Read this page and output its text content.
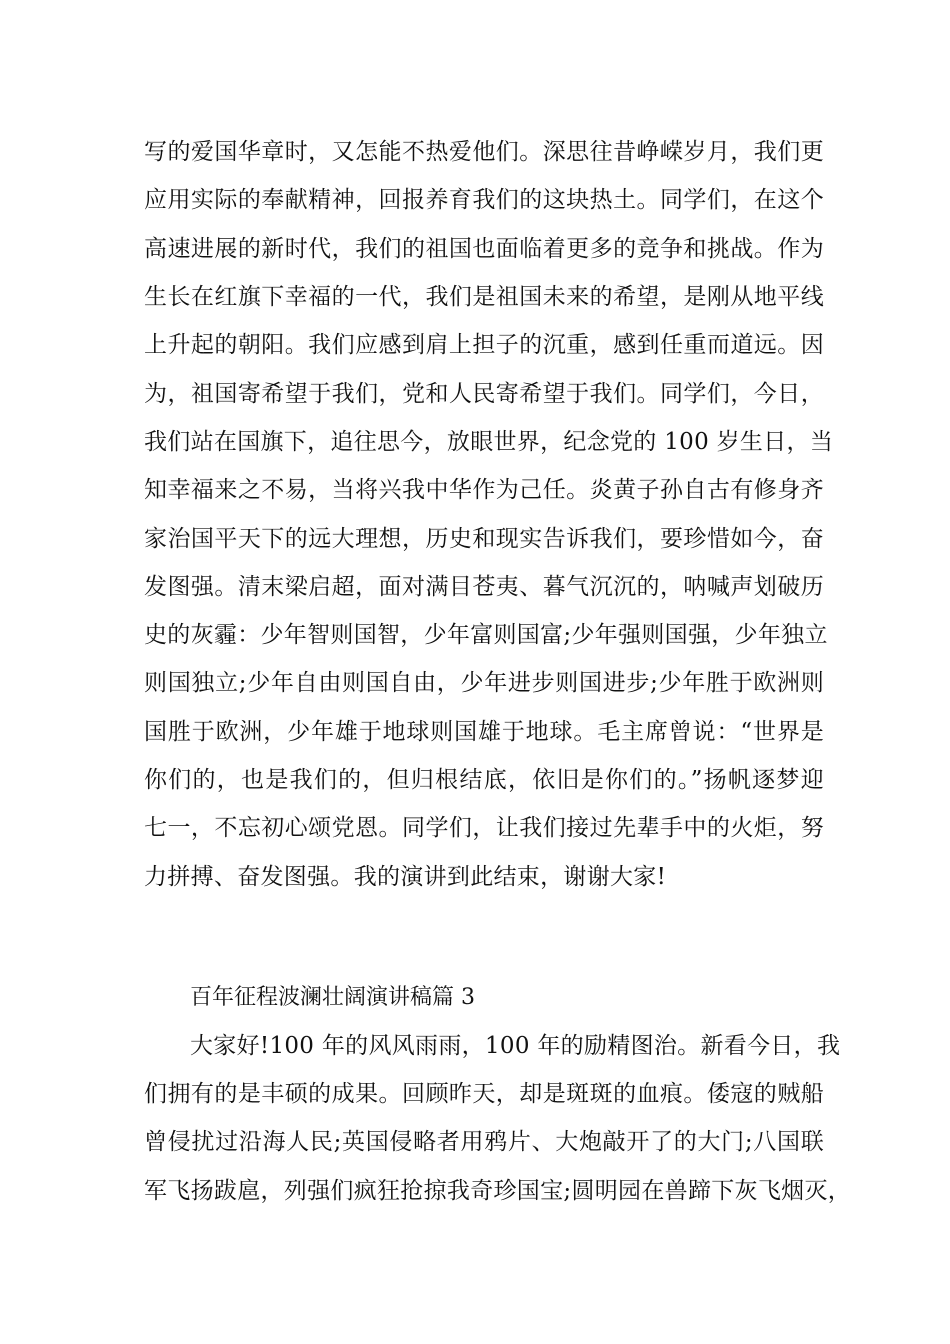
写的爱国华章时，又怎能不热爱他们。深思往昔峥嵘岁月，我们更
应用实际的奉献精神，回报养育我们的这块热土。同学们，在这个
高速进展的新时代，我们的祖国也面临着更多的竞争和挑战。作为
生长在红旗下幸福的一代，我们是祖国未来的希望，是刚从地平线
上升起的朝阳。我们应感到肩上担子的沉重，感到任重而道远。因
为，祖国寄希望于我们，党和人民寄希望于我们。同学们，今日，
我们站在国旗下，追往思今，放眼世界，纪念党的 100 岁生日，当
知幸福来之不易，当将兴我中华作为己任。炎黄子孙自古有修身齐
家治国平天下的远大理想，历史和现实告诉我们，要珍惜如今，奋
发图强。清末梁启超，面对满目苍夷、暮气沉沉的，呐喊声划破历
史的灰霾：少年智则国智，少年富则国富;少年强则国强，少年独立
则国独立;少年自由则国自由，少年进步则国进步;少年胜于欧洲则
国胜于欧洲，少年雄于地球则国雄于地球。毛主席曾说：“世界是
你们的，也是我们的，但归根结底，依旧是你们的。”扬帆逐梦迎
七一，不忘初心颂党恩。同学们，让我们接过先辈手中的火炬，努
力拼搏、奋发图强。我的演讲到此结束，谢谢大家!
百年征程波澜壮阔演讲稿篇 3
大家好!100 年的风风雨雨，100 年的励精图治。新看今日，我
们拥有的是丰硕的成果。回顾昨天，却是斑斑的血痕。倭寇的贼船
曾侵扰过沿海人民;英国侵略者用鸦片、大炮敲开了的大门;八国联
军飞扬跋扈，列强们疯狂抢掠我奇珍国宝;圆明园在兽蹄下灰飞烟灭，
